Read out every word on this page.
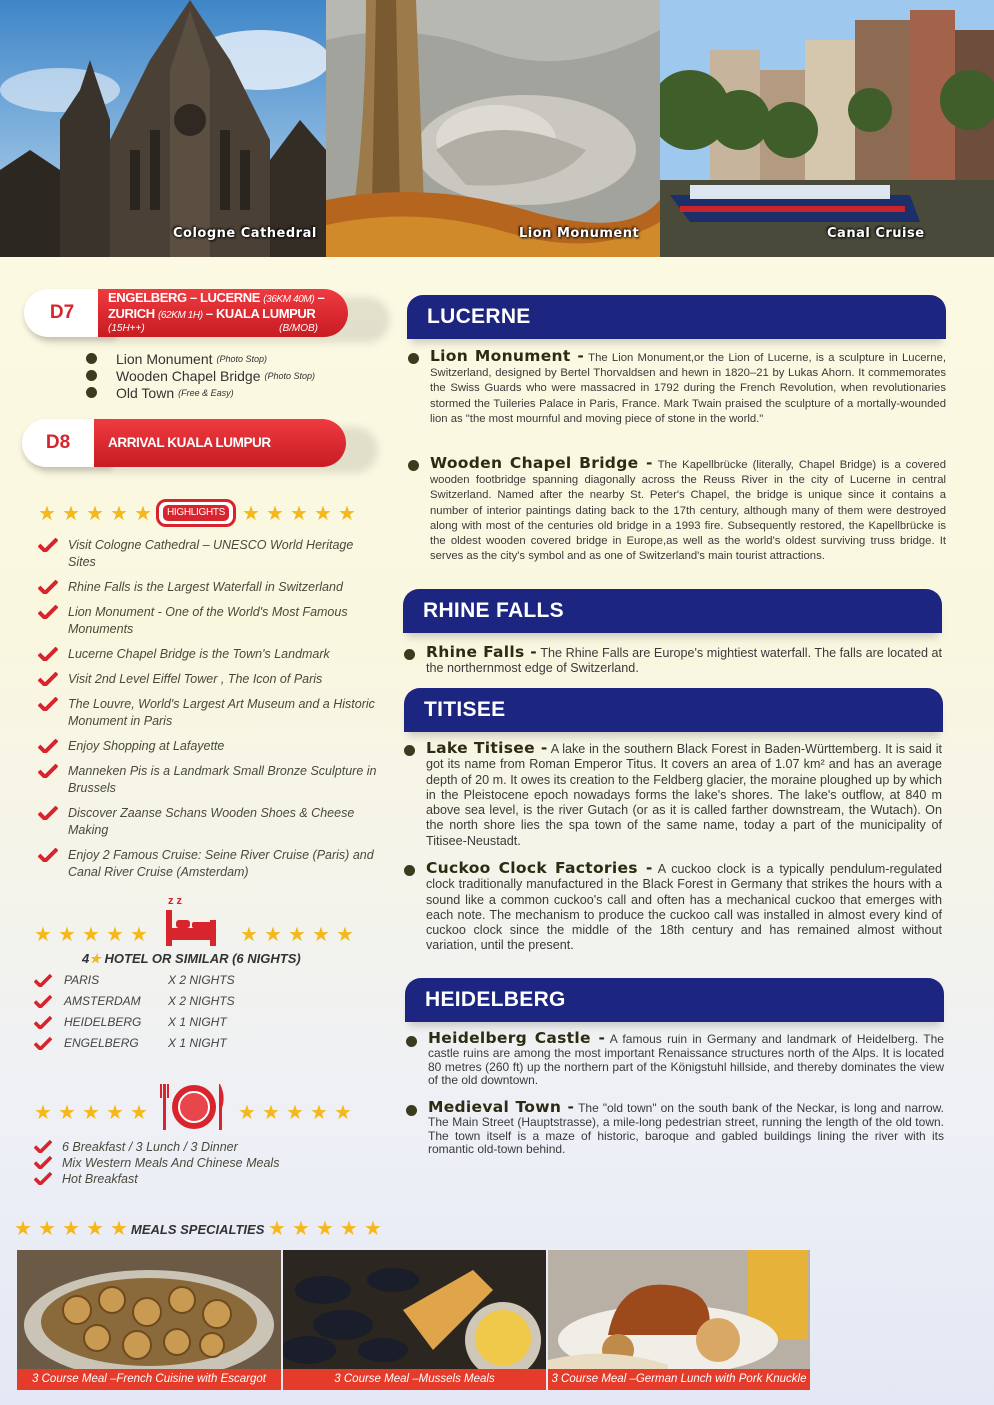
Cologne Cathedral	Lion Monument	Canal Cruise
D7
ENGELBERG – LUCERNE (36KM 40M) –
ZURICH (62KM 1H) – KUALA LUMPUR
(15H++)	(B/MOB)
Lion Monument (Photo Stop)
Wooden Chapel Bridge (Photo Stop)
Old Town (Free & Easy)
D8	ARRIVAL KUALA LUMPUR
★ ★ ★ ★ ★	HIGHLIGHTS ★ ★ ★ ★ ★
Visit Cologne Cathedral – UNESCO World Heritage Sites
Rhine Falls is the Largest Waterfall in Switzerland
Lion Monument - One of the World's Most Famous Monuments
Lucerne Chapel Bridge is the Town's Landmark
Visit 2nd Level Eiffel Tower , The Icon of Paris
The Louvre, World's Largest Art Museum and a Historic Monument in Paris
Enjoy Shopping at Lafayette
Manneken Pis is a Landmark Small Bronze Sculpture in Brussels
Discover Zaanse Schans Wooden Shoes & Cheese Making
Enjoy 2 Famous Cruise: Seine River Cruise (Paris) and Canal River Cruise (Amsterdam)
★ ★ ★ ★ ★
z z
★ ★ ★ ★ ★
4★ HOTEL OR SIMILAR (6 NIGHTS)
PARIS	X 2 NIGHTS
AMSTERDAM	X 2 NIGHTS
HEIDELBERG	X 1 NIGHT
ENGELBERG	X 1 NIGHT
★ ★ ★ ★ ★	★ ★ ★ ★ ★
6 Breakfast / 3 Lunch / 3 Dinner
Mix Western Meals And Chinese Meals
Hot Breakfast
★ ★ ★ ★ ★ MEALS SPECIALTIES ★ ★ ★ ★ ★
3 Course Meal –French Cuisine with Escargot	3 Course Meal –Mussels Meals	3 Course Meal –German Lunch with Pork Knuckle
LUCERNE
Lion Monument - The Lion Monument,or the Lion of Lucerne, is a sculpture in Lucerne, Switzerland, designed by Bertel Thorvaldsen and hewn in 1820–21 by Lukas Ahorn. It commemorates the Swiss Guards who were massacred in 1792 during the French Revolution, when revolutionaries stormed the Tuileries Palace in Paris, France. Mark Twain praised the sculpture of a mortally-wounded lion as "the most mournful and moving piece of stone in the world."
Wooden Chapel Bridge - The Kapellbrücke (literally, Chapel Bridge) is a covered wooden footbridge spanning diagonally across the Reuss River in the city of Lucerne in central Switzerland. Named after the nearby St. Peter's Chapel, the bridge is unique since it contains a number of interior paintings dating back to the 17th century, although many of them were destroyed along with most of the centuries old bridge in a 1993 fire. Subsequently restored, the Kapellbrücke is the oldest wooden covered bridge in Europe,as well as the world's oldest surviving truss bridge. It serves as the city's symbol and as one of Switzerland's main tourist attractions.
RHINE FALLS
Rhine Falls - The Rhine Falls are Europe's mightiest waterfall. The falls are located at the northernmost edge of Switzerland.
TITISEE
Lake Titisee - A lake in the southern Black Forest in Baden-Württemberg. It is said it got its name from Roman Emperor Titus. It covers an area of 1.07 km² and has an average depth of 20 m. It owes its creation to the Feldberg glacier, the moraine ploughed up by which in the Pleistocene epoch nowadays forms the lake's shores. The lake's outflow, at 840 m above sea level, is the river Gutach (or as it is called farther downstream, the Wutach). On the north shore lies the spa town of the same name, today a part of the municipality of Titisee-Neustadt.
Cuckoo Clock Factories - A cuckoo clock is a typically pendulum-regulated clock traditionally manufactured in the Black Forest in Germany that strikes the hours with a sound like a common cuckoo's call and often has a mechanical cuckoo that emerges with each note. The mechanism to produce the cuckoo call was installed in almost every kind of cuckoo clock since the middle of the 18th century and has remained almost without variation, until the present.
HEIDELBERG
Heidelberg Castle - A famous ruin in Germany and landmark of Heidelberg. The castle ruins are among the most important Renaissance structures north of the Alps. It is located 80 metres (260 ft) up the northern part of the Königstuhl hillside, and thereby dominates the view of the old downtown.
Medieval Town - The "old town" on the south bank of the Neckar, is long and narrow. The Main Street (Hauptstrasse), a mile-long pedestrian street, running the length of the old town. The town itself is a maze of historic, baroque and gabled buildings lining the river with its romantic old-town behind.
